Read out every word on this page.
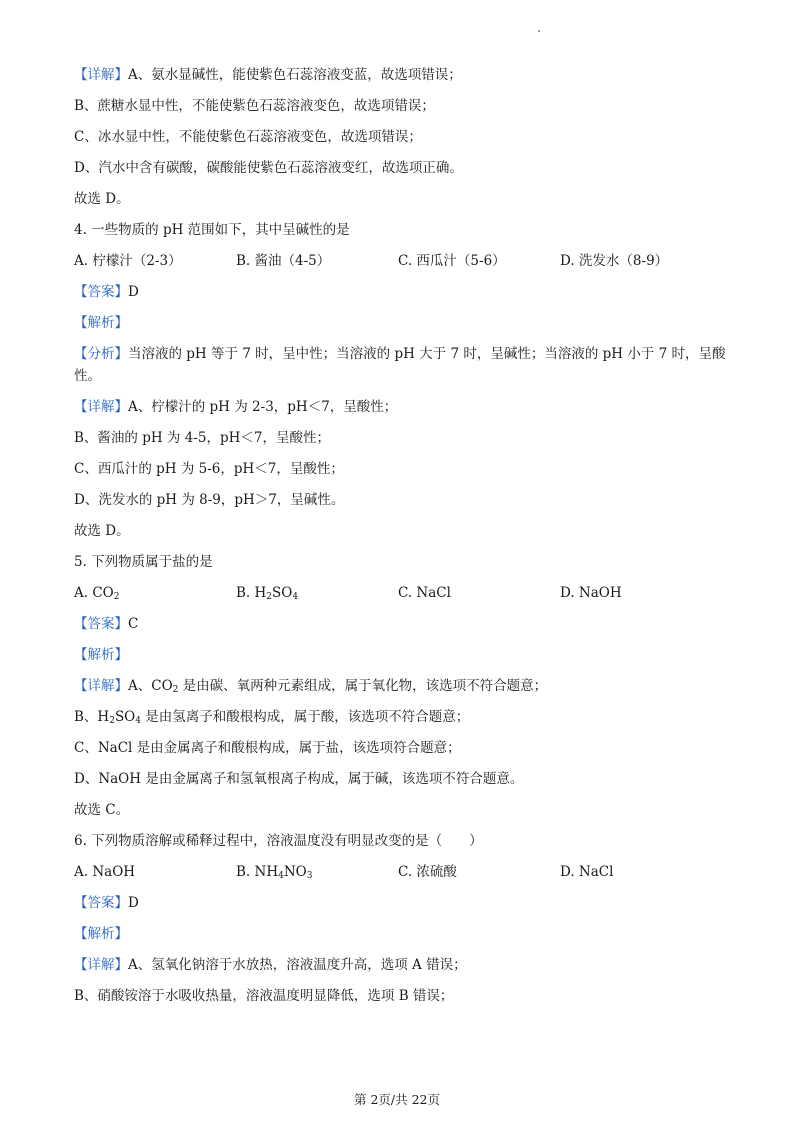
【详解】A、氨水显碱性，能使紫色石蕊溶液变蓝，故选项错误；
B、蔗糖水显中性，不能使紫色石蕊溶液变色，故选项错误；
C、冰水显中性，不能使紫色石蕊溶液变色，故选项错误；
D、汽水中含有碳酸，碳酸能使紫色石蕊溶液变红，故选项正确。
故选 D。
4. 一些物质的 pH 范围如下，其中呈碱性的是
A. 柠檬汁（2-3）	B. 酱油（4-5）	C. 西瓜汁（5-6）	D. 洗发水（8-9）
【答案】D
【解析】
【分析】当溶液的 pH 等于 7 时，呈中性；当溶液的 pH 大于 7 时，呈碱性；当溶液的 pH 小于 7 时，呈酸性。
【详解】A、柠檬汁的 pH 为 2-3，pH＜7，呈酸性；
B、酱油的 pH 为 4-5，pH＜7，呈酸性；
C、西瓜汁的 pH 为 5-6，pH＜7，呈酸性；
D、洗发水的 pH 为 8-9，pH＞7，呈碱性。
故选 D。
5. 下列物质属于盐的是
A. $CO_2$	B. $H_2SO_4$	C. NaCl	D. NaOH
【答案】C
【解析】
【详解】A、$CO_2$ 是由碳、氧两种元素组成，属于氧化物，该选项不符合题意；
B、$H_2SO_4$ 是由氢离子和酸根构成，属于酸，该选项不符合题意；
C、NaCl 是由金属离子和酸根构成，属于盐，该选项符合题意；
D、NaOH 是由金属离子和氢氧根离子构成，属于碱，该选项不符合题意。
故选 C。
6. 下列物质溶解或稀释过程中，溶液温度没有明显改变的是（　　）
A. NaOH	B. $NH_4NO_3$	C. 浓硫酸	D. NaCl
【答案】D
【解析】
【详解】A、氢氧化钠溶于水放热，溶液温度升高，选项 A 错误；
B、硝酸铵溶于水吸收热量，溶液温度明显降低，选项 B 错误；
第 2页/共 22页
